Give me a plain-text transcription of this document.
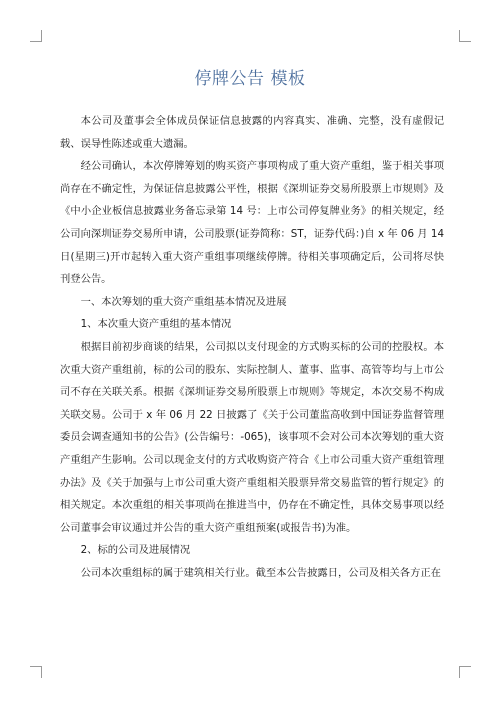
停牌公告 模板

本公司及董事会全体成员保证信息披露的内容真实、准确、完整，没有虚假记载、误导性陈述或重大遗漏。

经公司确认，本次停牌筹划的购买资产事项构成了重大资产重组，鉴于相关事项尚存在不确定性，为保证信息披露公平性，根据《深圳证券交易所股票上市规则》及《中小企业板信息披露业务备忘录第 14 号：上市公司停复牌业务》的相关规定，经公司向深圳证券交易所申请，公司股票(证券简称：ST，证券代码：)自 x 年 06 月 14 日(星期三)开市起转入重大资产重组事项继续停牌。待相关事项确定后，公司将尽快刊登公告。

一、本次筹划的重大资产重组基本情况及进展

1、本次重大资产重组的基本情况

根据目前初步商谈的结果，公司拟以支付现金的方式购买标的公司的控股权。本次重大资产重组前，标的公司的股东、实际控制人、董事、监事、高管等均与上市公司不存在关联关系。根据《深圳证券交易所股票上市规则》等规定，本次交易不构成关联交易。公司于 x 年 06 月 22 日披露了《关于公司董监高收到中国证券监督管理委员会调查通知书的公告》(公告编号：-065)，该事项不会对公司本次筹划的重大资产重组产生影响。公司以现金支付的方式收购资产符合《上市公司重大资产重组管理办法》及《关于加强与上市公司重大资产重组相关股票异常交易监管的暂行规定》的相关规定。本次重组的相关事项尚在推进当中，仍存在不确定性，具体交易事项以经公司董事会审议通过并公告的重大资产重组预案(或报告书)为准。

2、标的公司及进展情况

公司本次重组标的属于建筑相关行业。截至本公告披露日，公司及相关各方正在
